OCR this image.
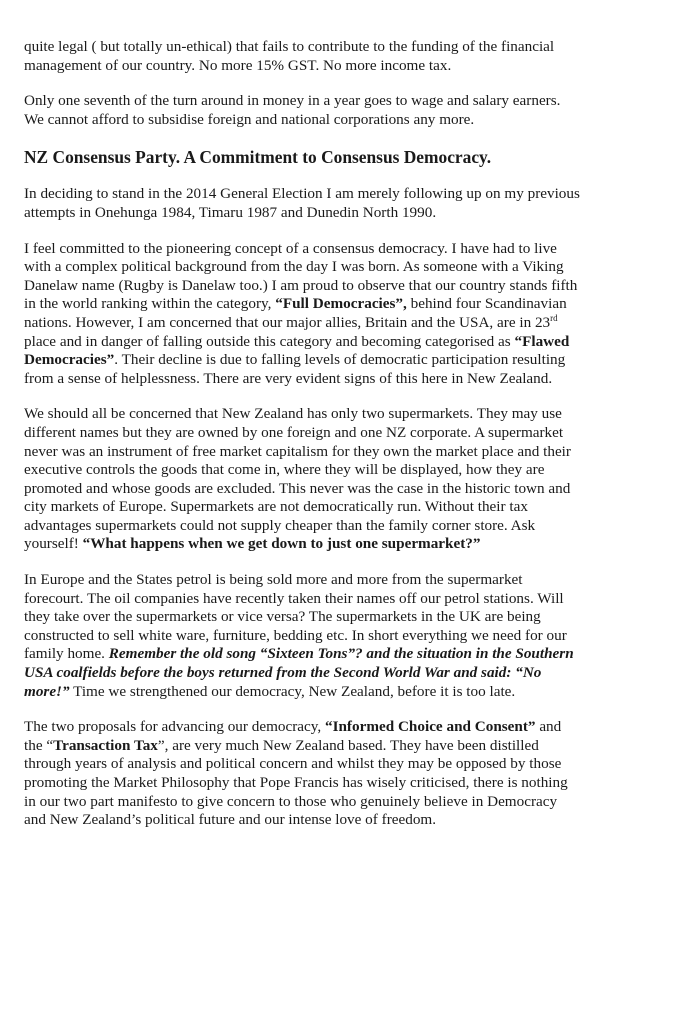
quite legal ( but totally un-ethical) that fails to contribute to the funding of the financial management of our country. No more 15% GST. No more income tax.

Only one seventh of the turn around in money in a year goes to wage and salary earners. We cannot afford to subsidise foreign and national corporations any more.

NZ Consensus Party. A Commitment to Consensus Democracy.

In deciding to stand in the 2014 General Election I am merely following up on my previous attempts in Onehunga 1984, Timaru 1987 and Dunedin North 1990.

I feel committed to the pioneering concept of a consensus democracy. I have had to live with a complex political background from the day I was born. As someone with a Viking Danelaw name (Rugby is Danelaw too.) I am proud to observe that our country stands fifth in the world ranking within the category, “Full Democracies”, behind four Scandinavian nations. However, I am concerned that our major allies, Britain and the USA, are in 23rd place and in danger of falling outside this category and becoming categorised as “Flawed Democracies”. Their decline is due to falling levels of democratic participation resulting from a sense of helplessness. There are very evident signs of this here in New Zealand.

We should all be concerned that New Zealand has only two supermarkets. They may use different names but they are owned by one foreign and one NZ corporate. A supermarket never was an instrument of free market capitalism for they own the market place and their executive controls the goods that come in, where they will be displayed, how they are promoted and whose goods are excluded. This never was the case in the historic town and city markets of Europe. Supermarkets are not democratically run. Without their tax advantages supermarkets could not supply cheaper than the family corner store. Ask yourself! “What happens when we get down to just one supermarket?”

In Europe and the States petrol is being sold more and more from the supermarket forecourt. The oil companies have recently taken their names off our petrol stations. Will they take over the supermarkets or vice versa? The supermarkets in the UK are being constructed to sell white ware, furniture, bedding etc. In short everything we need for our family home. Remember the old song “Sixteen Tons”? and the situation in the Southern USA coalfields before the boys returned from the Second World War and said: “No more!” Time we strengthened our democracy, New Zealand, before it is too late.

The two proposals for advancing our democracy, “Informed Choice and Consent” and the “Transaction Tax”, are very much New Zealand based. They have been distilled through years of analysis and political concern and whilst they may be opposed by those promoting the Market Philosophy that Pope Francis has wisely criticised, there is nothing in our two part manifesto to give concern to those who genuinely believe in Democracy and New Zealand’s political future and our intense love of freedom.
